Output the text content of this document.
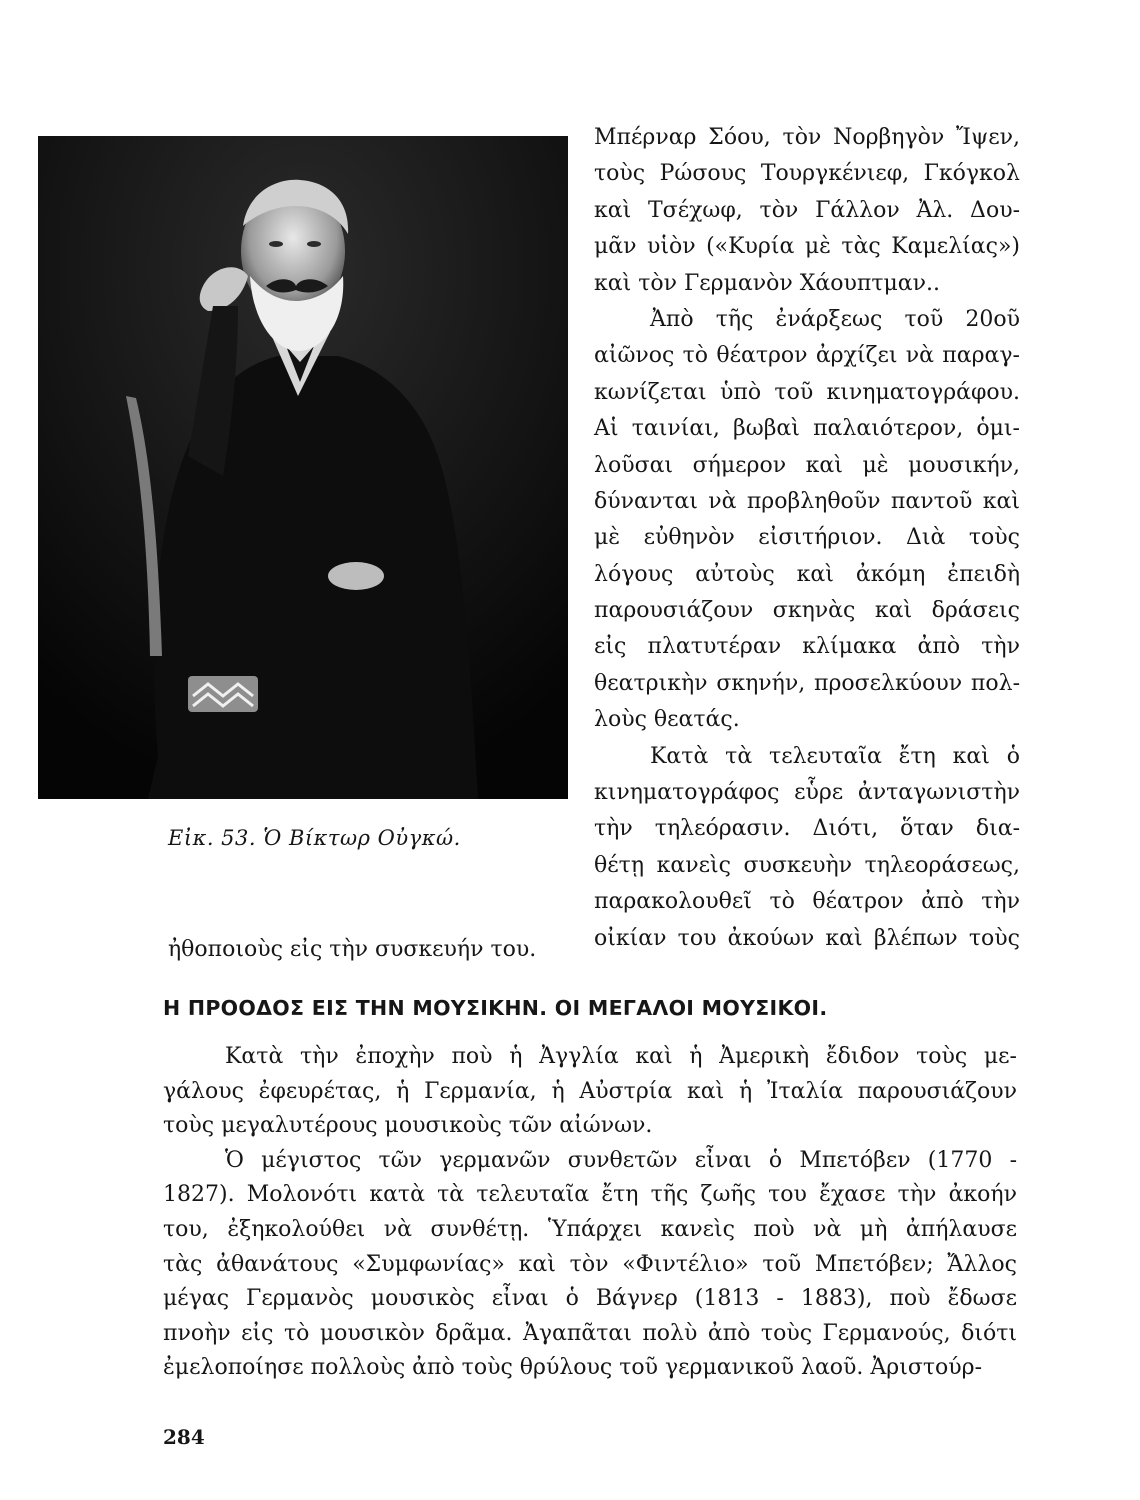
Εἰκ. 53. Ὁ Βίκτωρ Οὐγκώ.
Μπέρναρ Σόου, τὸν Νορβηγὸν Ἴψεν,
τοὺς Ρώσους Τουργκένιεφ, Γκόγκολ
καὶ Τσέχωφ, τὸν Γάλλον Ἀλ. Δου-
μᾶν υἱὸν («Κυρία μὲ τὰς Καμελίας»)
καὶ τὸν Γερμανὸν Χάουπτμαν..
Ἀπὸ τῆς ἐνάρξεως τοῦ 20οῦ
αἰῶνος τὸ θέατρον ἀρχίζει νὰ παραγ-
κωνίζεται ὑπὸ τοῦ κινηματογράφου.
Αἱ ταινίαι, βωβαὶ παλαιότερον, ὁμι-
λοῦσαι σήμερον καὶ μὲ μουσικήν,
δύνανται νὰ προβληθοῦν παντοῦ καὶ
μὲ εὐθηνὸν εἰσιτήριον. Διὰ τοὺς
λόγους αὐτοὺς καὶ ἀκόμη ἐπειδὴ
παρουσιάζουν σκηνὰς καὶ δράσεις
εἰς πλατυτέραν κλίμακα ἀπὸ τὴν
θεατρικὴν σκηνήν, προσελκύουν πολ-
λοὺς θεατάς.
Κατὰ τὰ τελευταῖα ἔτη καὶ ὁ
κινηματογράφος εὗρε ἀνταγωνιστὴν
τὴν τηλεόρασιν. Διότι, ὅταν δια-
θέτῃ κανεὶς συσκευὴν τηλεοράσεως,
παρακολουθεῖ τὸ θέατρον ἀπὸ τὴν
οἰκίαν του ἀκούων καὶ βλέπων τοὺς
ἠθοποιοὺς εἰς τὴν συσκευήν του.
Η ΠΡΟΟΔΟΣ ΕΙΣ ΤΗΝ ΜΟΥΣΙΚΗΝ. ΟΙ ΜΕΓΑΛΟΙ ΜΟΥΣΙΚΟΙ.
Κατὰ τὴν ἐποχὴν ποὺ ἡ Ἀγγλία καὶ ἡ Ἀμερικὴ ἔδιδον τοὺς με-
γάλους ἐφευρέτας, ἡ Γερμανία, ἡ Αὐστρία καὶ ἡ Ἰταλία παρουσιάζουν
τοὺς μεγαλυτέρους μουσικοὺς τῶν αἰώνων.
Ὁ μέγιστος τῶν γερμανῶν συνθετῶν εἶναι ὁ Μπετόβεν (1770 -
1827). Μολονότι κατὰ τὰ τελευταῖα ἔτη τῆς ζωῆς του ἔχασε τὴν ἀκοήν
του, ἐξηκολούθει νὰ συνθέτῃ. Ὑπάρχει κανεὶς ποὺ νὰ μὴ ἀπήλαυσε
τὰς ἀθανάτους «Συμφωνίας» καὶ τὸν «Φιντέλιο» τοῦ Μπετόβεν; Ἄλλος
μέγας Γερμανὸς μουσικὸς εἶναι ὁ Βάγνερ (1813 - 1883), ποὺ ἔδωσε
πνοὴν εἰς τὸ μουσικὸν δρᾶμα. Ἀγαπᾶται πολὺ ἀπὸ τοὺς Γερμανούς, διότι
ἐμελοποίησε πολλοὺς ἀπὸ τοὺς θρύλους τοῦ γερμανικοῦ λαοῦ. Ἀριστούρ-
284
